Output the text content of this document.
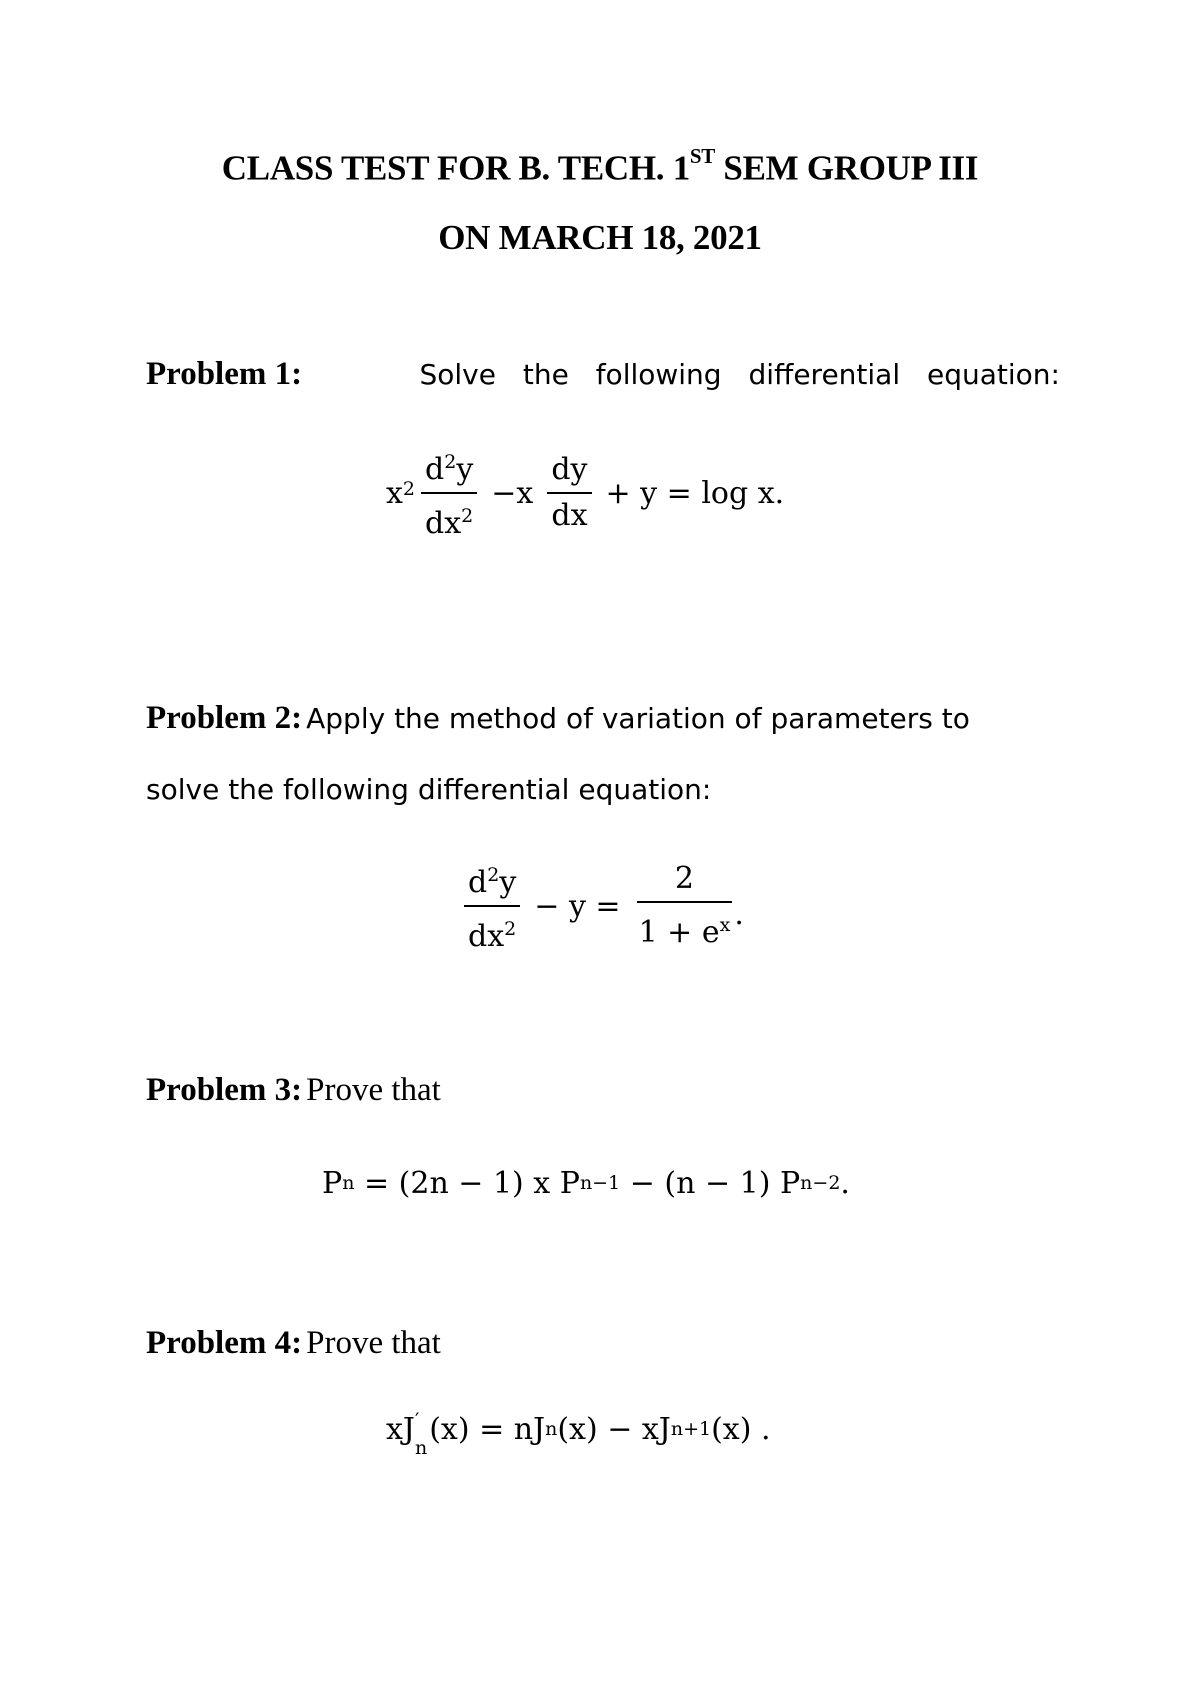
CLASS TEST FOR B. TECH. 1ST SEM GROUP III
ON MARCH 18, 2021
Problem 1:	Solve the following differential equation:
$x^2 \frac{d^2y}{dx^2} -x \frac{dy}{dx} + y = \log x$.
Problem 2: Apply the method of variation of parameters to
solve the following differential equation:
$\frac{d^2y}{dx^2} - y = \frac{2}{1 + e^x}$ .
Problem 3: Prove that
P n = (2n − 1) x P n−1 − (n − 1) P n−2 .
Problem 4: Prove that
xJ ′
n
(x) = nJ n (x) − xJ n+1 (x) .
